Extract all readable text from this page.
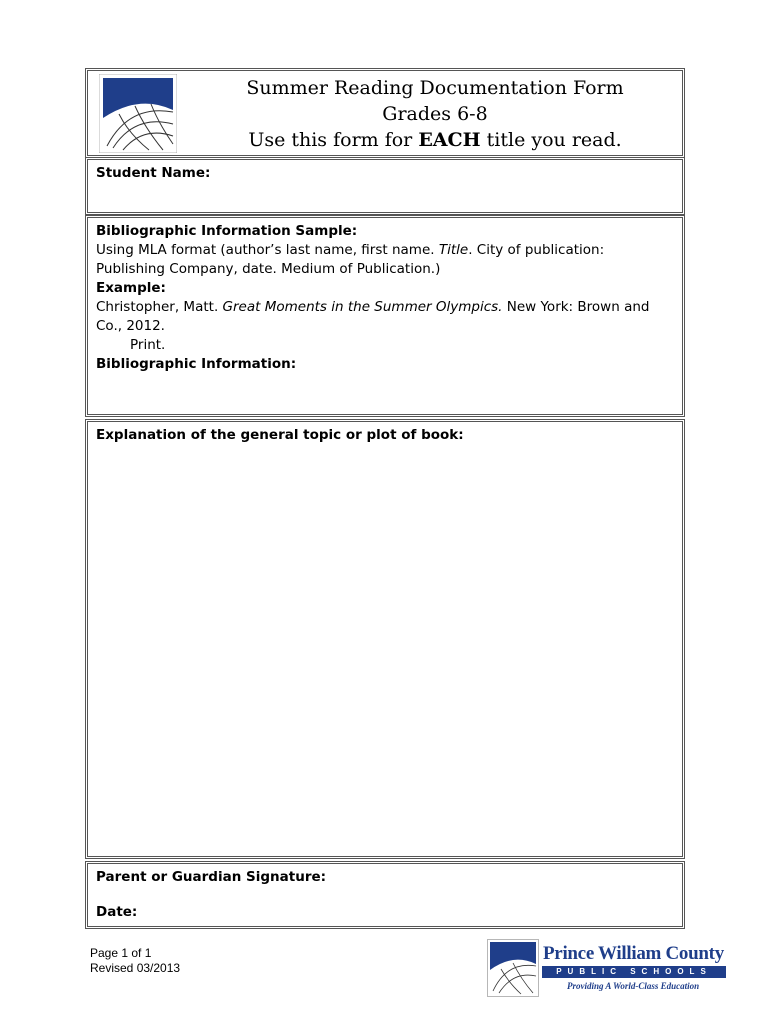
Summer Reading Documentation Form
Grades 6-8
Use this form for EACH title you read.
Student Name:
Bibliographic Information Sample:
Using MLA format (author’s last name, first name. Title. City of publication: Publishing Company, date. Medium of Publication.)
Example:
Christopher, Matt. Great Moments in the Summer Olympics. New York: Brown and Co., 2012.
Print.
Bibliographic Information:
Explanation of the general topic or plot of book:
Parent or Guardian Signature:
Date:
Page 1 of 1
Revised 03/2013
Prince William County
PUBLIC SCHOOLS
Providing A World-Class Education
